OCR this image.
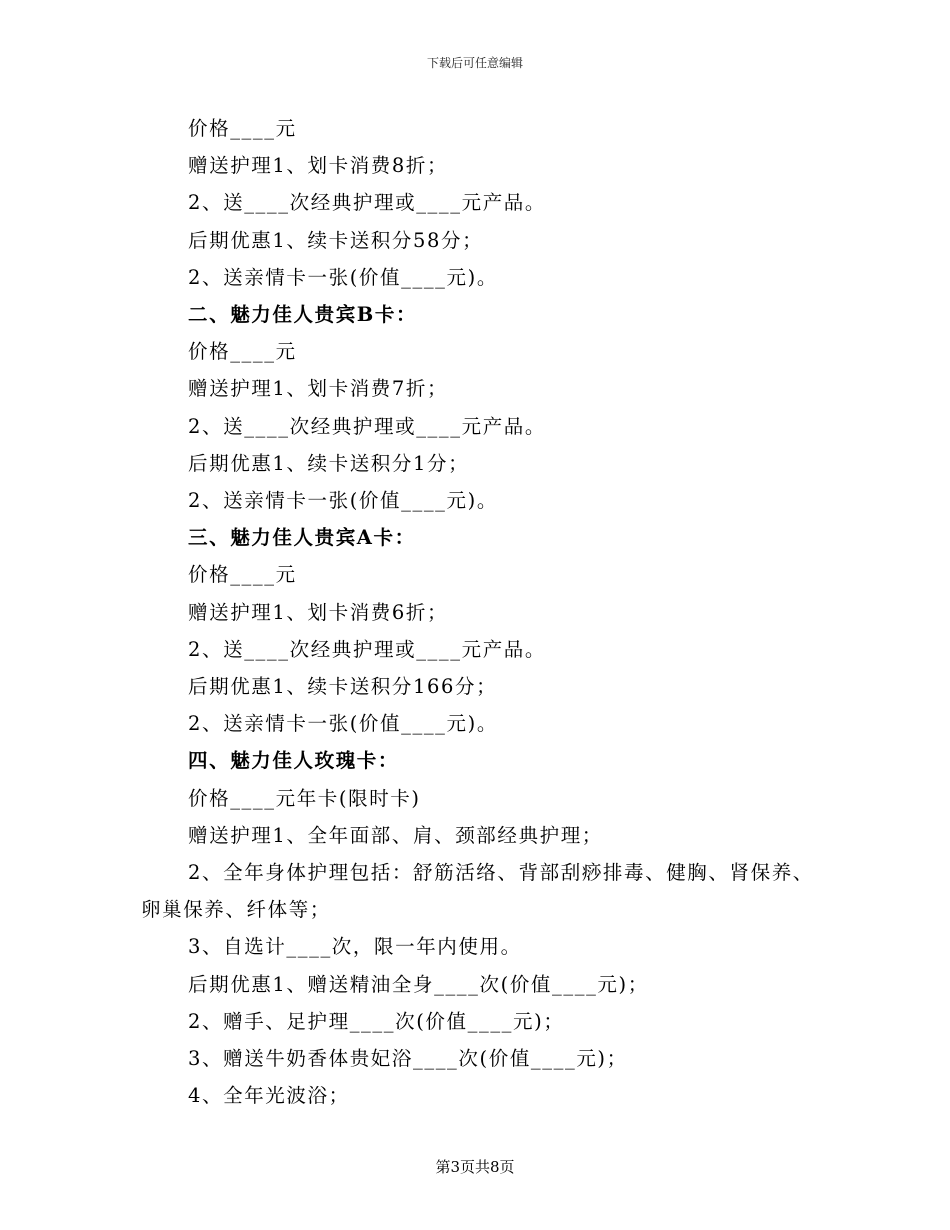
下载后可任意编辑
价格____元
赠送护理1、划卡消费8折；
2、送____次经典护理或____元产品。
后期优惠1、续卡送积分58分；
2、送亲情卡一张(价值____元)。
二、魅力佳人贵宾B卡：
价格____元
赠送护理1、划卡消费7折；
2、送____次经典护理或____元产品。
后期优惠1、续卡送积分1分；
2、送亲情卡一张(价值____元)。
三、魅力佳人贵宾A卡：
价格____元
赠送护理1、划卡消费6折；
2、送____次经典护理或____元产品。
后期优惠1、续卡送积分166分；
2、送亲情卡一张(价值____元)。
四、魅力佳人玫瑰卡：
价格____元年卡(限时卡)
赠送护理1、全年面部、肩、颈部经典护理；
2、全年身体护理包括：舒筋活络、背部刮痧排毒、健胸、肾保养、
卵巢保养、纤体等；
3、自选计____次，限一年内使用。
后期优惠1、赠送精油全身____次(价值____元)；
2、赠手、足护理____次(价值____元)；
3、赠送牛奶香体贵妃浴____次(价值____元)；
4、全年光波浴；
第3页共8页
